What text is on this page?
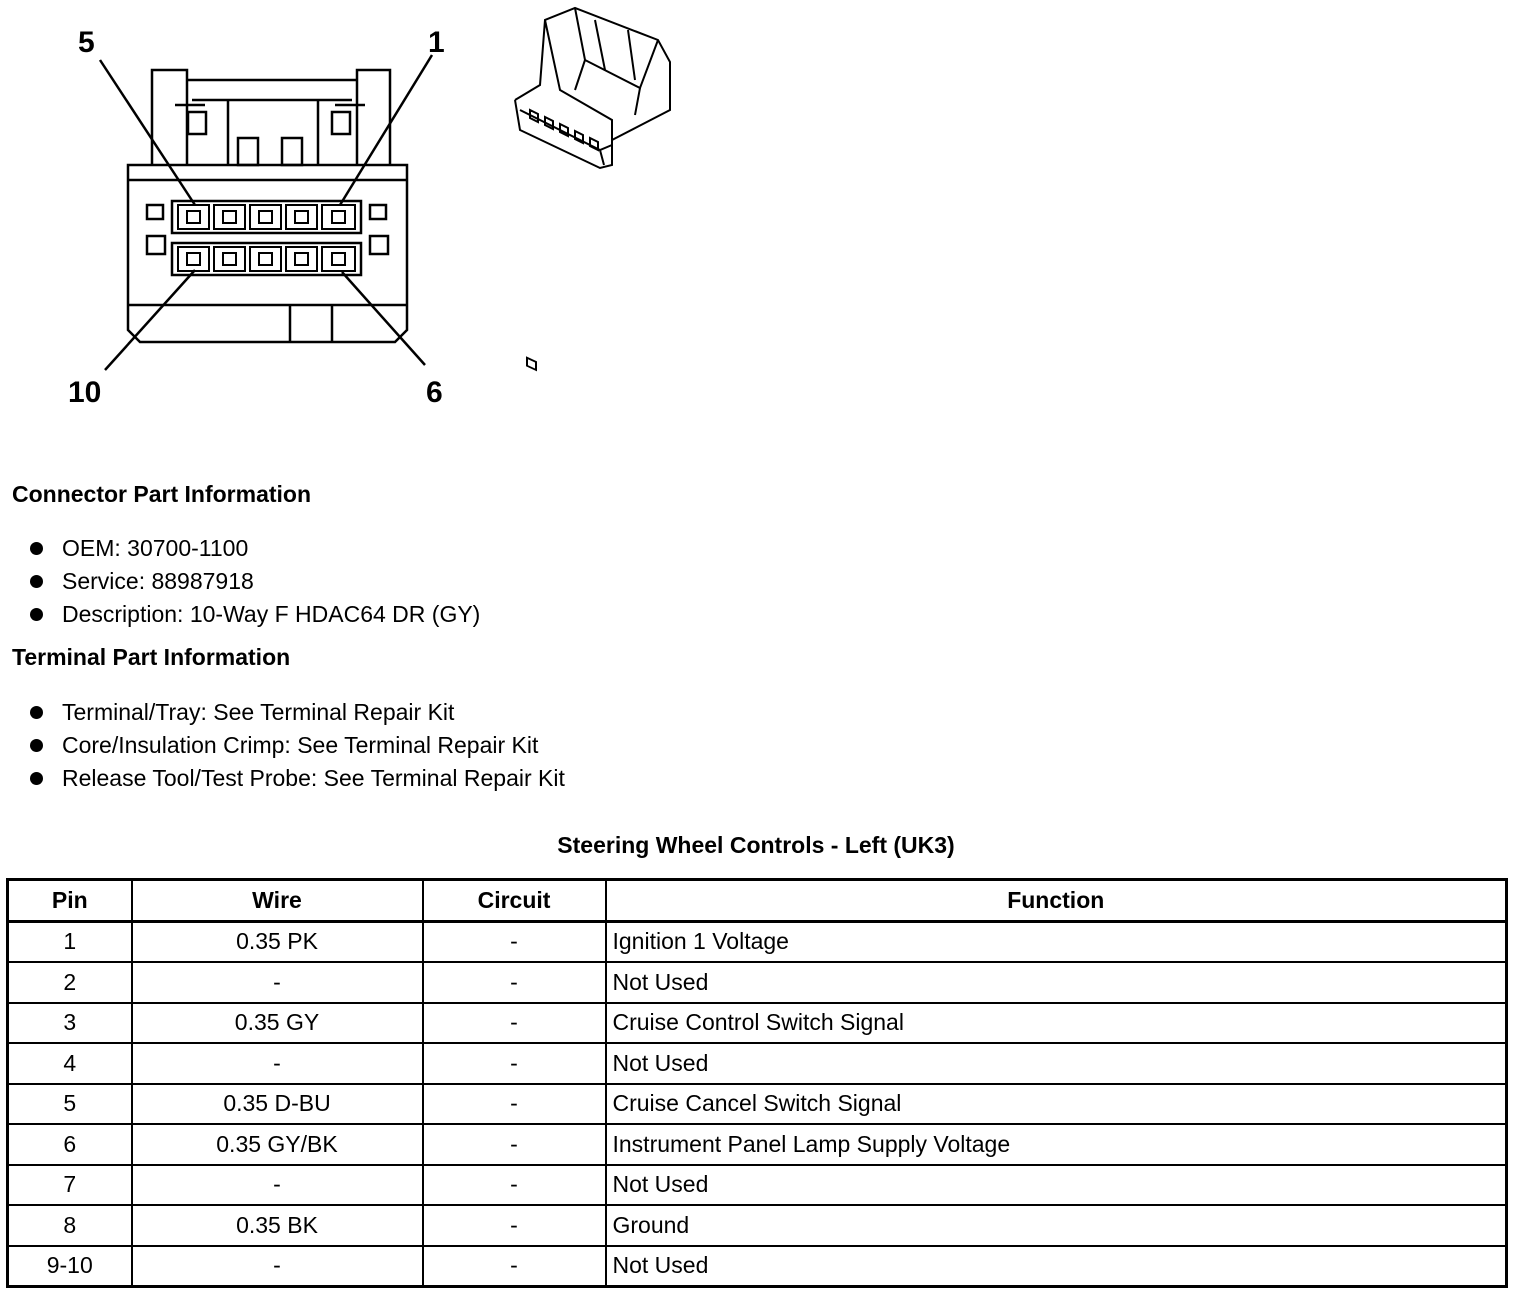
5	1
10	6
Connector Part Information
OEM: 30700-1100
Service: 88987918
Description: 10-Way F HDAC64 DR (GY)
Terminal Part Information
Terminal/Tray: See Terminal Repair Kit
Core/Insulation Crimp: See Terminal Repair Kit
Release Tool/Test Probe: See Terminal Repair Kit
Steering Wheel Controls - Left (UK3)
Pin	Wire	Circuit	Function
1	0.35 PK	-	Ignition 1 Voltage
2	-	-	Not Used
3	0.35 GY	-	Cruise Control Switch Signal
4	-	-	Not Used
5	0.35 D-BU	-	Cruise Cancel Switch Signal
6	0.35 GY/BK	-	Instrument Panel Lamp Supply Voltage
7	-	-	Not Used
8	0.35 BK	-	Ground
9-10	-	-	Not Used
